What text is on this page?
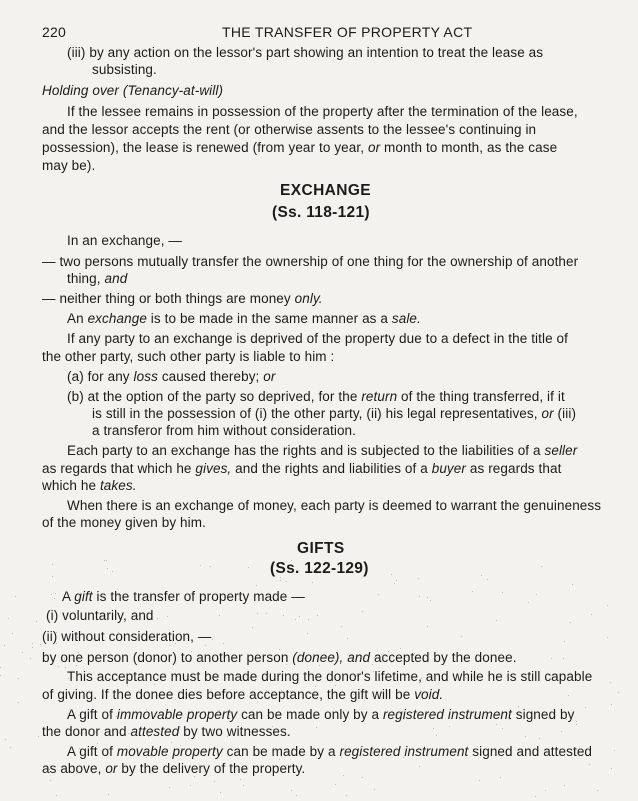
220	THE TRANSFER OF PROPERTY ACT
(iii) by any action on the lessor's part showing an intention to treat the lease as
subsisting.
Holding over (Tenancy-at-will)
If the lessee remains in possession of the property after the termination of the lease,
and the lessor accepts the rent (or otherwise assents to the lessee's continuing in
possession), the lease is renewed (from year to year, or month to month, as the case
may be).
EXCHANGE
(Ss. 118-121)
In an exchange, —
— two persons mutually transfer the ownership of one thing for the ownership of another
thing, and
— neither thing or both things are money only.
An exchange is to be made in the same manner as a sale.
If any party to an exchange is deprived of the property due to a defect in the title of
the other party, such other party is liable to him :
(a) for any loss caused thereby; or
(b) at the option of the party so deprived, for the return of the thing transferred, if it
is still in the possession of (i) the other party, (ii) his legal representatives, or (iii)
a transferor from him without consideration.
Each party to an exchange has the rights and is subjected to the liabilities of a seller
as regards that which he gives, and the rights and liabilities of a buyer as regards that
which he takes.
When there is an exchange of money, each party is deemed to warrant the genuineness
of the money given by him.
GIFTS
(Ss. 122-129)
A gift is the transfer of property made —
(i) voluntarily, and
(ii) without consideration, —
by one person (donor) to another person (donee), and accepted by the donee.
This acceptance must be made during the donor's lifetime, and while he is still capable
of giving. If the donee dies before acceptance, the gift will be void.
A gift of immovable property can be made only by a registered instrument signed by
the donor and attested by two witnesses.
A gift of movable property can be made by a registered instrument signed and attested
as above, or by the delivery of the property.
